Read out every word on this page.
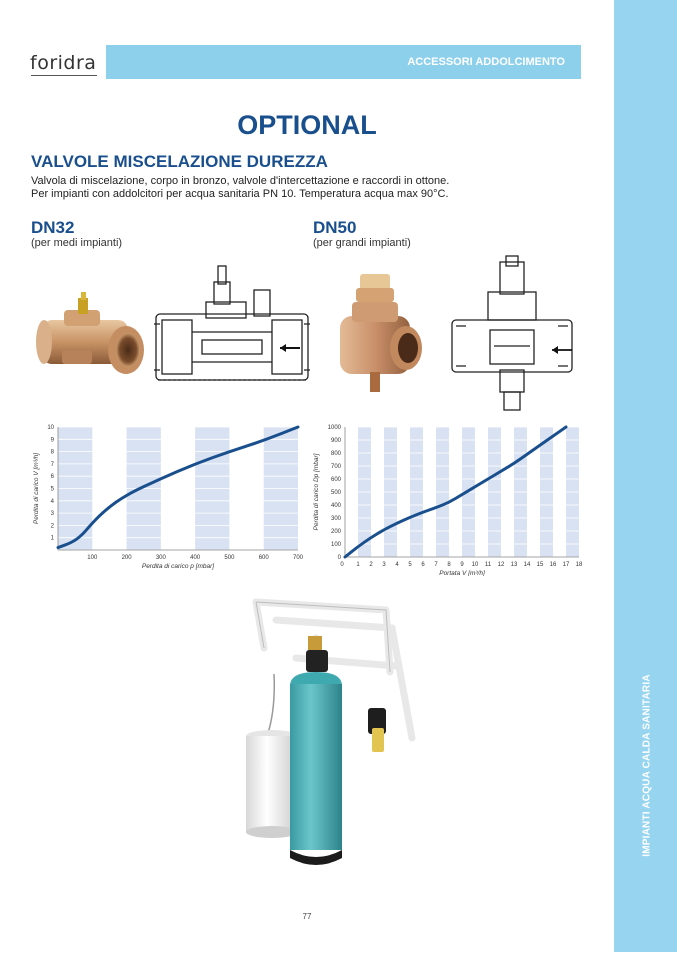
IMPIANTI ACQUA CALDA SANITARIA
foridra	ACCESSORI ADDOLCIMENTO
OPTIONAL
VALVOLE MISCELAZIONE DUREZZA
Valvola di miscelazione, corpo in bronzo, valvole d'intercettazione e raccordi in ottone.
Per impianti con addolcitori per acqua sanitaria PN 10. Temperatura acqua max 90°C.
DN32
(per medi impianti)
DN50
(per grandi impianti)
1
2
3
4
5
6
7
8
9
10
100	200	300	400	500	600	700
Perdita di carico p [mbar]
Perdita di carico V [m³/h]
0
100
200
300
400
500
600
700
800
900
1000
1 2 3 4 5 6 7 8 9 10 11 12 13 14 15 16 17 18
0
Portata V [m³/h]
Perdita di carico Dp [mbar]
77
